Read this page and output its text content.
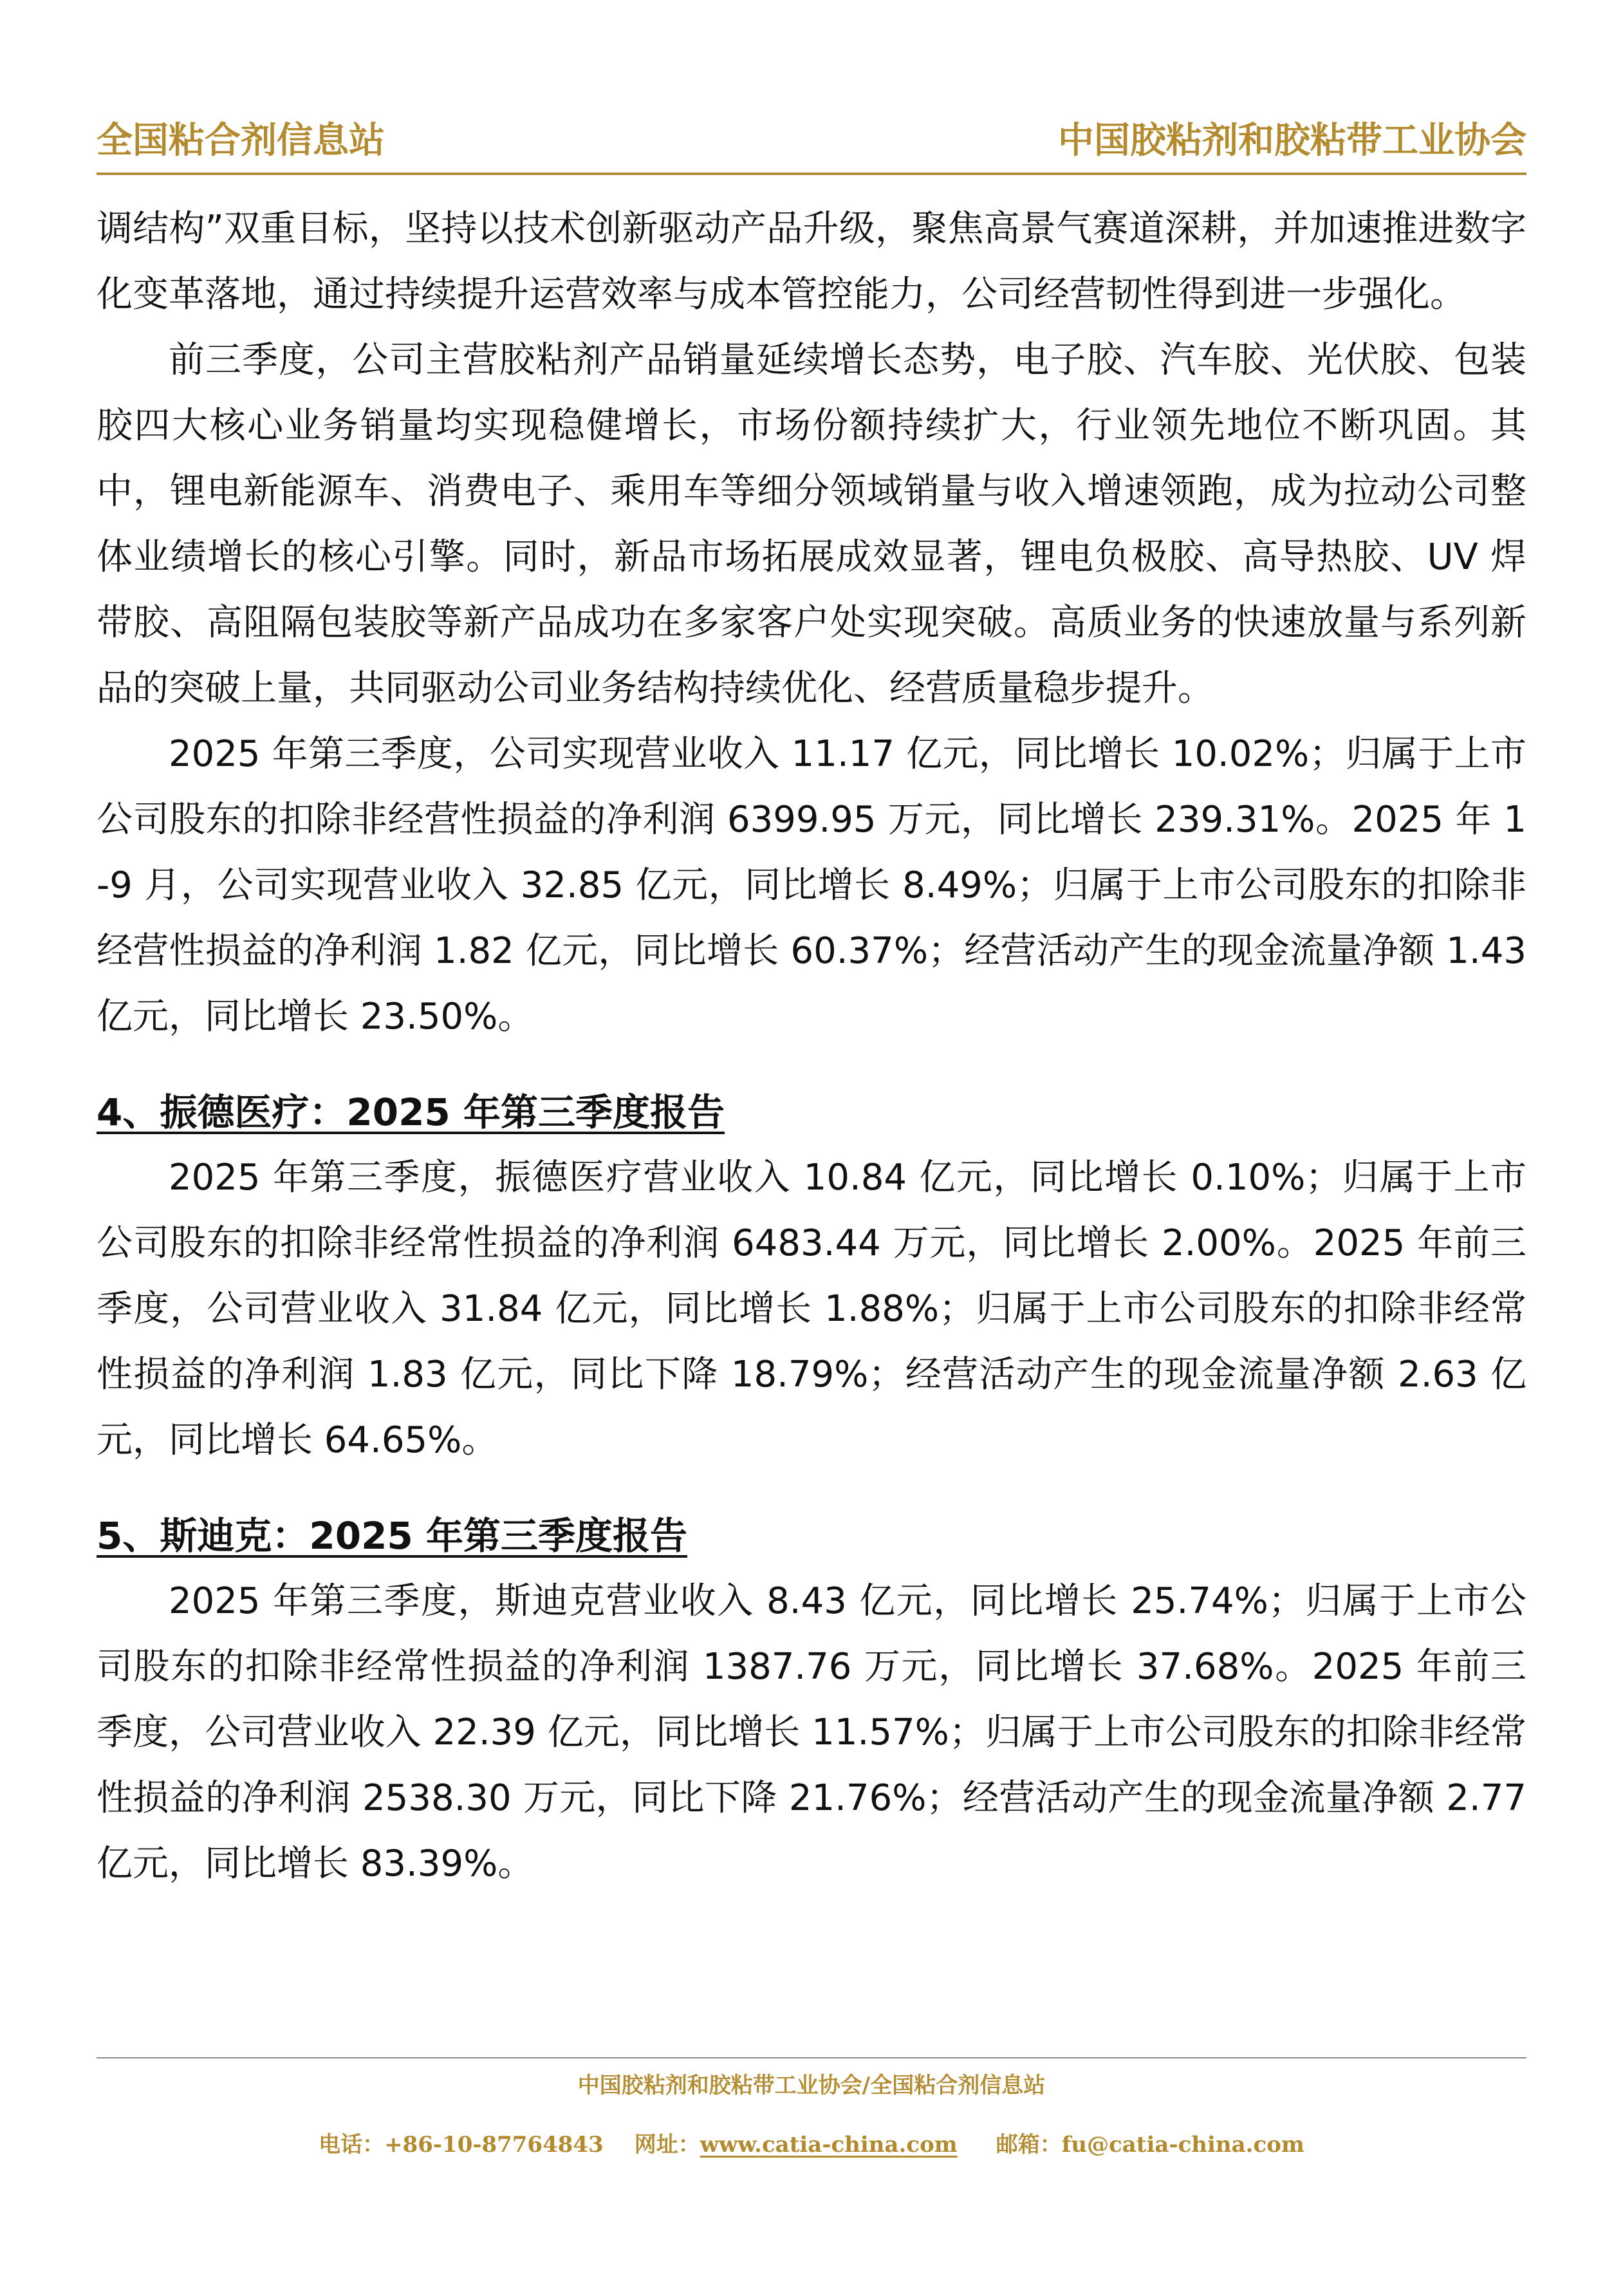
全国粘合剂信息站	中国胶粘剂和胶粘带工业协会

调结构”双重目标，坚持以技术创新驱动产品升级，聚焦高景气赛道深耕，并加速推进数字化变革落地，通过持续提升运营效率与成本管控能力，公司经营韧性得到进一步强化。

前三季度，公司主营胶粘剂产品销量延续增长态势，电子胶、汽车胶、光伏胶、包装胶四大核心业务销量均实现稳健增长，市场份额持续扩大，行业领先地位不断巩固。其中，锂电新能源车、消费电子、乘用车等细分领域销量与收入增速领跑，成为拉动公司整体业绩增长的核心引擎。同时，新品市场拓展成效显著，锂电负极胶、高导热胶、UV 焊带胶、高阻隔包装胶等新产品成功在多家客户处实现突破。高质业务的快速放量与系列新品的突破上量，共同驱动公司业务结构持续优化、经营质量稳步提升。

2025 年第三季度，公司实现营业收入 11.17 亿元，同比增长 10.02%；归属于上市公司股东的扣除非经营性损益的净利润 6399.95 万元，同比增长 239.31%。2025 年 1-9 月，公司实现营业收入 32.85 亿元，同比增长 8.49%；归属于上市公司股东的扣除非经营性损益的净利润 1.82 亿元，同比增长 60.37%；经营活动产生的现金流量净额 1.43 亿元，同比增长 23.50%。

4、振德医疗：2025 年第三季度报告

2025 年第三季度，振德医疗营业收入 10.84 亿元，同比增长 0.10%；归属于上市公司股东的扣除非经常性损益的净利润 6483.44 万元，同比增长 2.00%。2025 年前三季度，公司营业收入 31.84 亿元，同比增长 1.88%；归属于上市公司股东的扣除非经常性损益的净利润 1.83 亿元，同比下降 18.79%；经营活动产生的现金流量净额 2.63 亿元，同比增长 64.65%。

5、斯迪克：2025 年第三季度报告

2025 年第三季度，斯迪克营业收入 8.43 亿元，同比增长 25.74%；归属于上市公司股东的扣除非经常性损益的净利润 1387.76 万元，同比增长 37.68%。2025 年前三季度，公司营业收入 22.39 亿元，同比增长 11.57%；归属于上市公司股东的扣除非经常性损益的净利润 2538.30 万元，同比下降 21.76%；经营活动产生的现金流量净额 2.77 亿元，同比增长 83.39%。

中国胶粘剂和胶粘带工业协会/全国粘合剂信息站
电话：+86-10-87764843 网址：www.catia-china.com 邮箱：fu@catia-china.com
